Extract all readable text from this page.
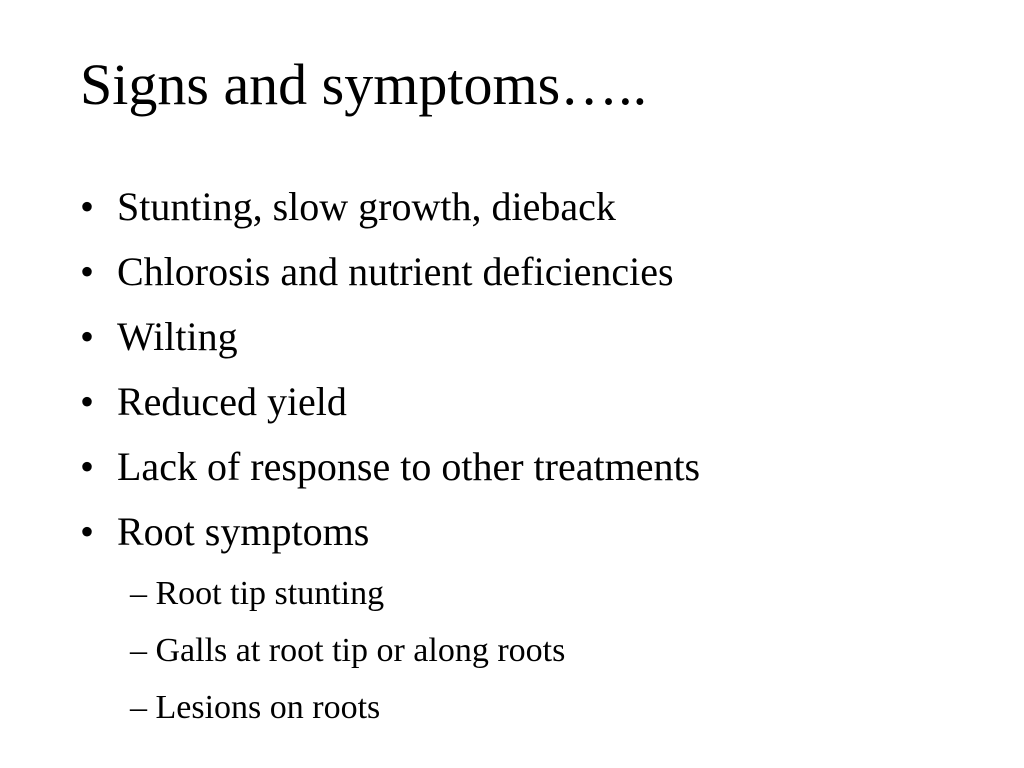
Signs and symptoms…..
• Stunting, slow growth, dieback
• Chlorosis and nutrient deficiencies
• Wilting
• Reduced yield
• Lack of response to other treatments
• Root symptoms
– Root tip stunting
– Galls at root tip or along roots
– Lesions on roots
